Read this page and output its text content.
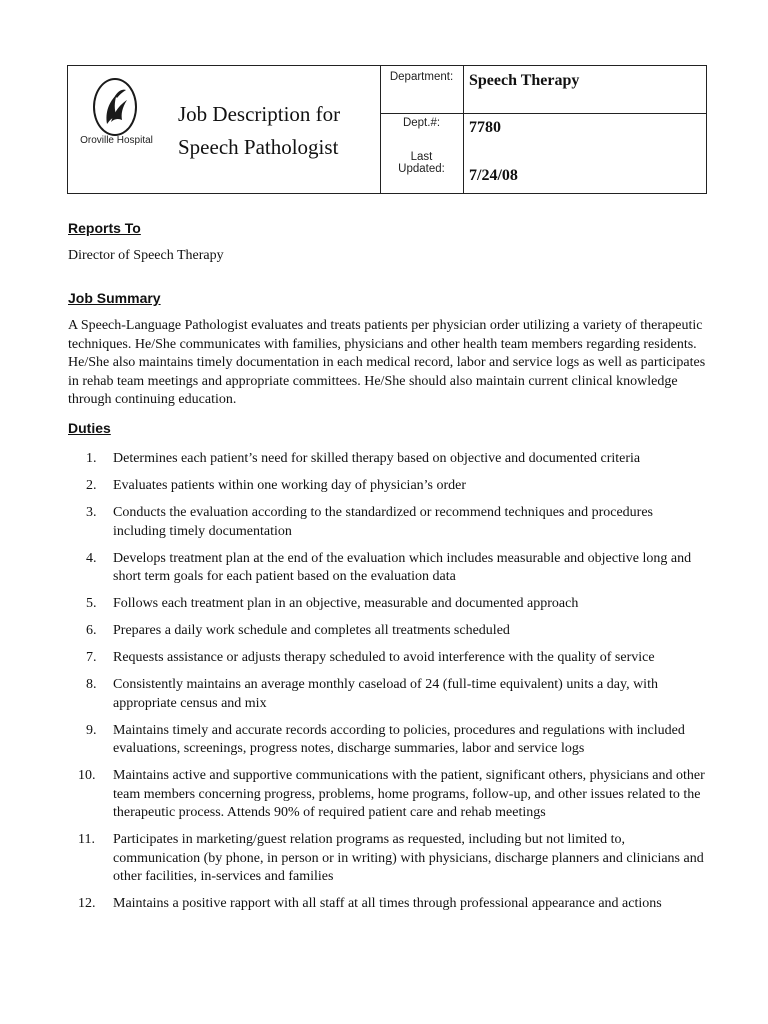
Oroville Hospital
Job Description for
Speech Pathologist
Department: Speech Therapy
Dept.#:	7780
Last
Updated:	7/24/08
Reports To

Director of Speech Therapy

Job Summary

A Speech-Language Pathologist evaluates and treats patients per physician order utilizing a variety of therapeutic techniques. He/She communicates with families, physicians and other health team members regarding residents. He/She also maintains timely documentation in each medical record, labor and service logs as well as participates in rehab team meetings and appropriate committees. He/She should also maintain current clinical knowledge through continuing education.

Duties
1.	Determines each patient’s need for skilled therapy based on objective and documented criteria
2.	Evaluates patients within one working day of physician’s order
3.	Conducts the evaluation according to the standardized or recommend techniques and procedures including timely documentation
4.	Develops treatment plan at the end of the evaluation which includes measurable and objective long and short term goals for each patient based on the evaluation data
5.	Follows each treatment plan in an objective, measurable and documented approach
6.	Prepares a daily work schedule and completes all treatments scheduled
7.	Requests assistance or adjusts therapy scheduled to avoid interference with the quality of service
8.	Consistently maintains an average monthly caseload of 24 (full-time equivalent) units a day, with appropriate census and mix
9.	Maintains timely and accurate records according to policies, procedures and regulations with included evaluations, screenings, progress notes, discharge summaries, labor and service logs
10.	Maintains active and supportive communications with the patient, significant others, physicians and other team members concerning progress, problems, home programs, follow-up, and other issues related to the therapeutic process. Attends 90% of required patient care and rehab meetings
11.	Participates in marketing/guest relation programs as requested, including but not limited to, communication (by phone, in person or in writing) with physicians, discharge planners and clinicians and other facilities, in-services and families
12.	Maintains a positive rapport with all staff at all times through professional appearance and actions
